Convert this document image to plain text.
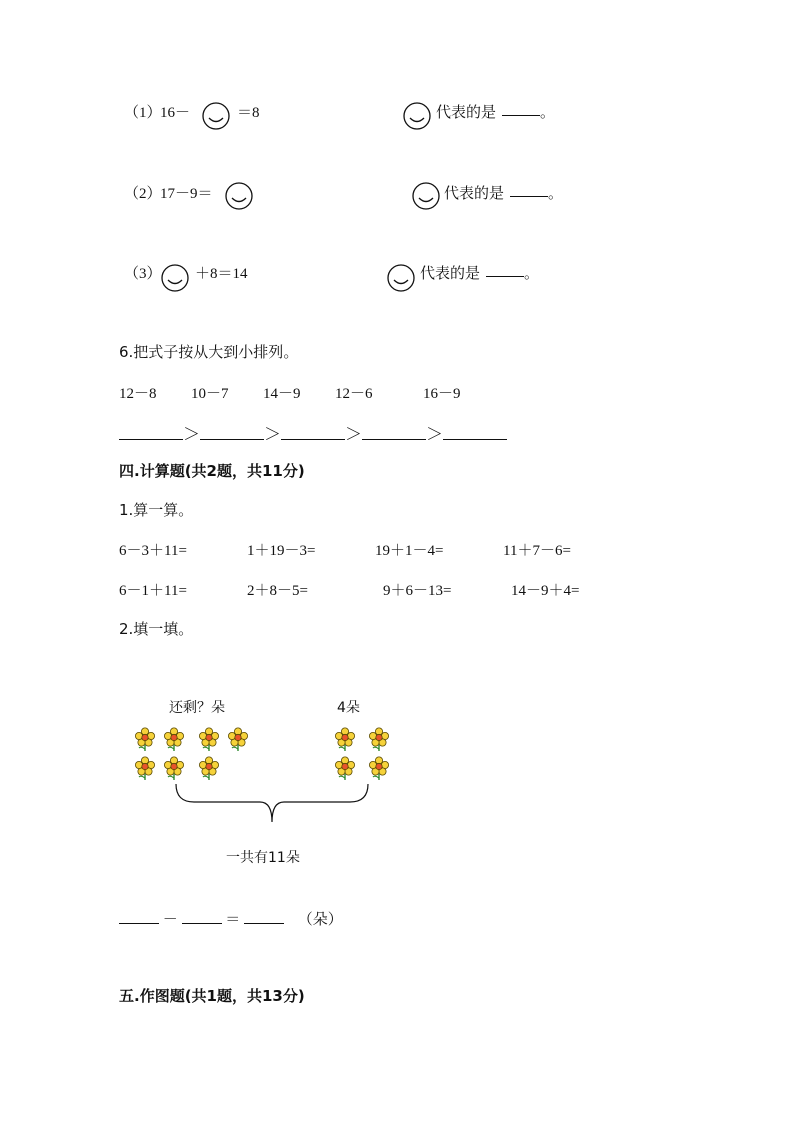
（1）
16－	＝8	代表的是	。
（2）
17－9＝	代表的是	。
（3） ＋8＝14	代表的是	。
6.把式子按从大到小排列。
12－8 10－7 14－9 12－6	16－9
＞	＞	＞	＞
四.计算题(共2题，共11分)
1.算一算。
6－3＋11=	1＋19－3=	19＋1－4=	11＋7－6=
6－1＋11=	2＋8－5=	9＋6－13=	14－9＋4=
2.填一填。
还剩？朵	4朵
一共有11朵
－	＝	（朵）
五.作图题(共1题，共13分)
